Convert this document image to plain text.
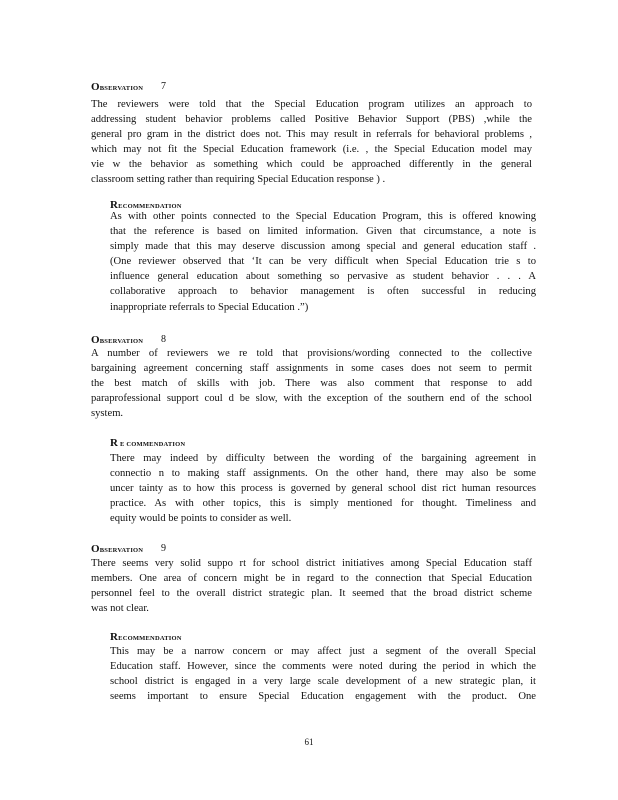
OBSERVATION 7
The reviewers were told that the Special Education program utilizes an approach to
addressing student behavior problems called Positive Behavior Support (PBS) ,while the
general pro gram in the district does not. This may result in referrals for behavioral problems ,
which may not fit the Special Education framework (i.e. , the Special Education model may
vie w the behavior as something which could be approached differently in the general
classroom setting rather than requiring Special Education response ) .
RECOMMENDATION
As with other points connected to the Special Education Program, this is offered knowing
that the reference is based on limited information. Given that circumstance, a note is
simply made that this may deserve discussion among special and general education staff .
(One reviewer observed that ‘It can be very difficult when Special Education trie s to
influence general education about something so pervasive as student behavior . . . A
collaborative approach to behavior management is often successful in reducing
inappropriate referrals to Special Education .”)
OBSERVATION 8
A number of reviewers we re told that provisions/wording connected to the collective
bargaining agreement concerning staff assignments in some cases does not seem to permit
the best match of skills with job. There was also comment that response to add
paraprofessional support coul d be slow, with the exception of the southern end of the school
system.
R E COMMENDATION
There may indeed by difficulty between the wording of the bargaining agreement in
connectio n to making staff assignments. On the other hand, there may also be some
uncer tainty as to how this process is governed by general school dist rict human resources
practice. As with other topics, this is simply mentioned for thought. Timeliness and
equity would be points to consider as well.
OBSERVATION 9
There seems very solid suppo rt for school district initiatives among Special Education staff
members. One area of concern might be in regard to the connection that Special Education
personnel feel to the overall district strategic plan. It seemed that the broad district scheme
was not clear.
RECOMMENDATION
This may be a narrow concern or may affect just a segment of the overall Special
Education staff. However, since the comments were noted during the period in which the
school district is engaged in a very large scale development of a new strategic plan, it
seems important to ensure Special Education engagement with the product. One
61
